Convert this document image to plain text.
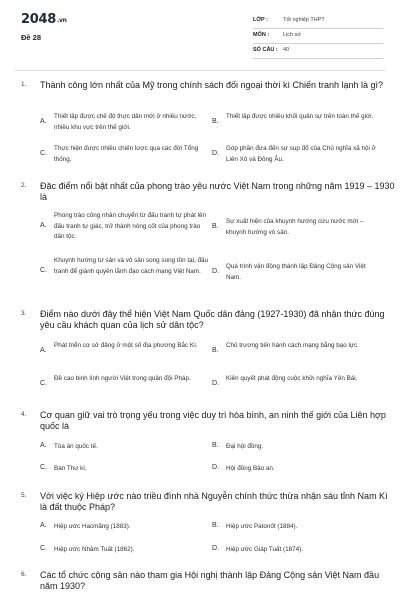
2048.vn
Đề 28
LỚP :	Tốt nghiệp THPT
MÔN :	Lịch sử
SỐ CÂU : 40
1. Thành công lớn nhất của Mỹ trong chính sách đối ngoại thời kì Chiến tranh lạnh là gì?
A.
Thiết lập được chế độ thực dân mới ở nhiều nước, nhiều khu vực trên thế giới.
B.
Thiết lập được nhiều khối quân sự trên toàn thế giới.
C.
Thực hiện được nhiều chiến lược qua các đời Tổng thống.
D.
Góp phần đưa đến sự sụp đổ của Chủ nghĩa xã hội ở Liên Xô và Đông Âu.
2. Đặc điểm nổi bật nhất của phong trào yêu nước Việt Nam trong những năm 1919 – 1930 là
A.
Phong trào công nhân chuyển từ đấu tranh tự phát lên đấu tranh tự giác, trở thành nòng cốt của phong trào dân tộc.
B.
Sự xuất hiện của khuynh hướng cứu nước mới – khuynh hướng vô sản.
C.
Khuynh hướng tư sản và vô sản song song tồn tại, đấu tranh để giành quyền lãnh đạo cách mạng Việt Nam.	D.
Quá trình vận động thành lập Đảng Cộng sản Việt Nam.
3. Điểm nào dưới đây thể hiện Việt Nam Quốc dân đảng (1927-1930) đã nhận thức đúng yêu cầu khách quan của lịch sử dân tộc?
A.
Phát triển cơ sở đảng ở một số địa phương Bắc Kì.
B.
Chủ trương tiến hành cách mạng bằng bạo lực.
C.
Đề cao binh lính người Việt trong quân đội Pháp.
D.
Kiên quyết phát động cuộc khởi nghĩa Yên Bái.
4. Cơ quan giữ vai trò trọng yếu trong việc duy trì hòa bình, an ninh thế giới của Liên hợp quốc là
A. Tòa án quốc tế.	B. Đại hội đồng.
C. Ban Thư kí.	D. Hội đồng Bảo an.
5. Với việc ký Hiệp ước nào triều đình nhà Nguyễn chính thức thừa nhận sáu tỉnh Nam Kì là đất thuộc Pháp?
A. Hiệp ước Hacmăng (1883).	B. Hiệp ước Patonốt (1884).
C. Hiệp ước Nhâm Tuất (1862).	D. Hiệp ước Giáp Tuất (1874).
6. Các tổ chức cộng sản nào tham gia Hội nghị thành lập Đảng Cộng sản Việt Nam đầu năm 1930?
